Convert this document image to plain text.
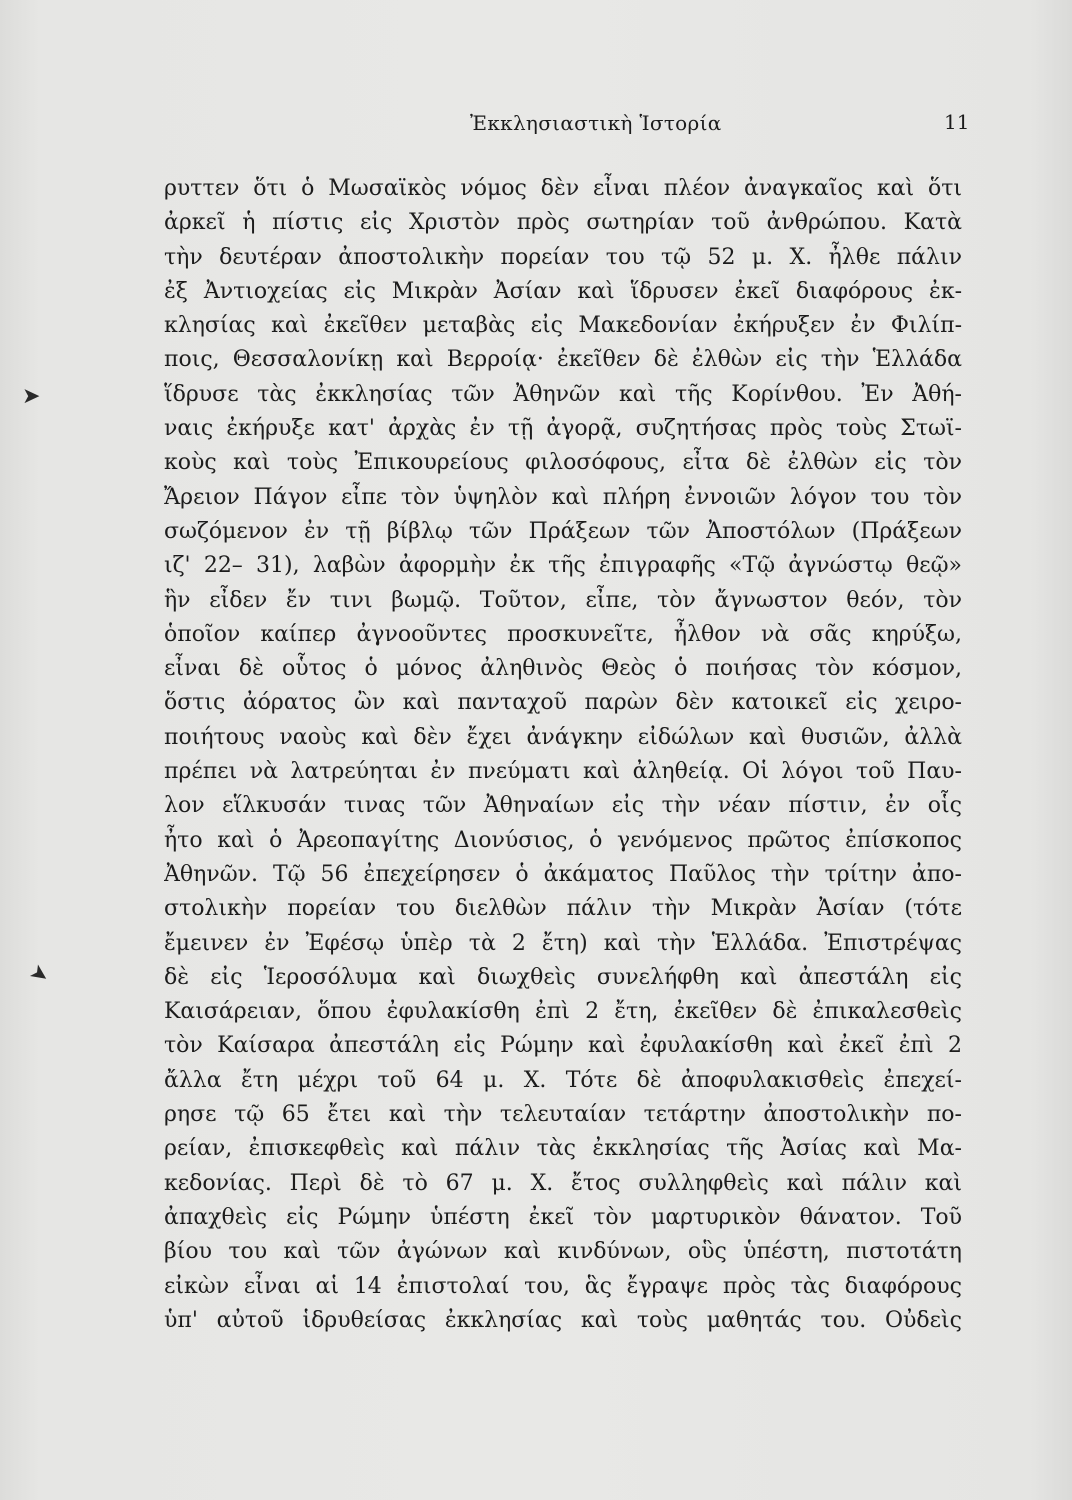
Ἐκκλησιαστικὴ Ἱστορία	11
➤
➤
ρυττεν ὅτι ὁ Μωσαϊκὸς νόμος δὲν εἶναι πλέον ἀναγκαῖος καὶ ὅτι
ἀρκεῖ ἡ πίστις εἰς Χριστὸν πρὸς σωτηρίαν τοῦ ἀνθρώπου. Κατὰ
τὴν δευτέραν ἀποστολικὴν πορείαν του τῷ 52 μ. Χ. ἦλθε πάλιν
ἐξ Ἀντιοχείας εἰς Μικρὰν Ἀσίαν καὶ ἵδρυσεν ἐκεῖ διαφόρους ἐκ-
κλησίας καὶ ἐκεῖθεν μεταβὰς εἰς Μακεδονίαν ἐκήρυξεν ἐν Φιλίπ-
ποις, Θεσσαλονίκῃ καὶ Βερροίᾳ· ἐκεῖθεν δὲ ἐλθὼν εἰς τὴν Ἑλλάδα
ἵδρυσε τὰς ἐκκλησίας τῶν Ἀθηνῶν καὶ τῆς Κορίνθου. Ἐν Ἀθή-
ναις ἐκήρυξε κατ' ἀρχὰς ἐν τῇ ἀγορᾷ, συζητήσας πρὸς τοὺς Στωϊ-
κοὺς καὶ τοὺς Ἐπικουρείους φιλοσόφους, εἶτα δὲ ἐλθὼν εἰς τὸν
Ἄρειον Πάγον εἶπε τὸν ὑψηλὸν καὶ πλήρη ἐννοιῶν λόγον του τὸν
σωζόμενον ἐν τῇ βίβλῳ τῶν Πράξεων τῶν Ἀποστόλων (Πράξεων
ιζ' 22– 31), λαβὼν ἀφορμὴν ἐκ τῆς ἐπιγραφῆς «Τῷ ἀγνώστῳ θεῷ»
ἣν εἶδεν ἔν τινι βωμῷ. Τοῦτον, εἶπε, τὸν ἄγνωστον θεόν, τὸν
ὁποῖον καίπερ ἀγνοοῦντες προσκυνεῖτε, ἦλθον νὰ σᾶς κηρύξω,
εἶναι δὲ οὗτος ὁ μόνος ἀληθινὸς Θεὸς ὁ ποιήσας τὸν κόσμον,
ὅστις ἀόρατος ὢν καὶ πανταχοῦ παρὼν δὲν κατοικεῖ εἰς χειρο-
ποιήτους ναοὺς καὶ δὲν ἔχει ἀνάγκην εἰδώλων καὶ θυσιῶν, ἀλλὰ
πρέπει νὰ λατρεύηται ἐν πνεύματι καὶ ἀληθείᾳ. Οἱ λόγοι τοῦ Παυ-
λον εἵλκυσάν τινας τῶν Ἀθηναίων εἰς τὴν νέαν πίστιν, ἐν οἷς
ἦτο καὶ ὁ Ἀρεοπαγίτης Διονύσιος, ὁ γενόμενος πρῶτος ἐπίσκοπος
Ἀθηνῶν. Τῷ 56 ἐπεχείρησεν ὁ ἀκάματος Παῦλος τὴν τρίτην ἀπο-
στολικὴν πορείαν του διελθὼν πάλιν τὴν Μικρὰν Ἀσίαν (τότε
ἔμεινεν ἐν Ἐφέσῳ ὑπὲρ τὰ 2 ἔτη) καὶ τὴν Ἑλλάδα. Ἐπιστρέψας
δὲ εἰς Ἱεροσόλυμα καὶ διωχθεὶς συνελήφθη καὶ ἀπεστάλη εἰς
Καισάρειαν, ὅπου ἐφυλακίσθη ἐπὶ 2 ἔτη, ἐκεῖθεν δὲ ἐπικαλεσθεὶς
τὸν Καίσαρα ἀπεστάλη εἰς Ρώμην καὶ ἐφυλακίσθη καὶ ἐκεῖ ἐπὶ 2
ἄλλα ἔτη μέχρι τοῦ 64 μ. Χ. Τότε δὲ ἀποφυλακισθεὶς ἐπεχεί-
ρησε τῷ 65 ἔτει καὶ τὴν τελευταίαν τετάρτην ἀποστολικὴν πο-
ρείαν, ἐπισκεφθεὶς καὶ πάλιν τὰς ἐκκλησίας τῆς Ἀσίας καὶ Μα-
κεδονίας. Περὶ δὲ τὸ 67 μ. Χ. ἔτος συλληφθεὶς καὶ πάλιν καὶ
ἀπαχθεὶς εἰς Ρώμην ὑπέστη ἐκεῖ τὸν μαρτυρικὸν θάνατον. Τοῦ
βίου του καὶ τῶν ἀγώνων καὶ κινδύνων, οὓς ὑπέστη, πιστοτάτη
εἰκὼν εἶναι αἱ 14 ἐπιστολαί του, ἃς ἔγραψε πρὸς τὰς διαφόρους
ὑπ' αὐτοῦ ἱδρυθείσας ἐκκλησίας καὶ τοὺς μαθητάς του. Οὐδεὶς
